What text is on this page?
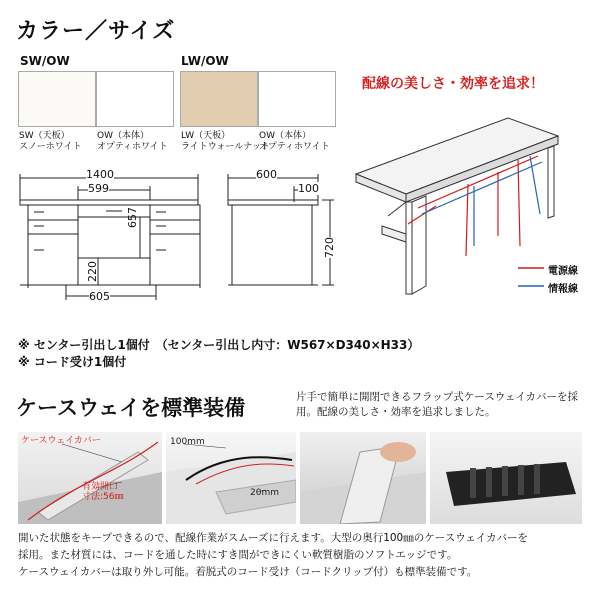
カラー／サイズ
SW/OW
SW（天板）
スノーホワイト
OW（本体）
オプティホワイト
LW/OW
LW（天板）
ライトウォールナット
OW（本体）
オプティホワイト
配線の美しさ・効率を追求！
1400
599
657
220
605
600
100
720
電源線
情報線
※ センター引出し1個付　（センター引出し内寸：W567×D340×H33）
※ コード受け1個付
ケースウェイを標準装備	片手で簡単に開閉できるフラップ式ケースウェイカバーを採用。配線の美しさ・効率を追求しました。
ケースウェイカバー
有効開口
寸法:56㎜
100mm
20mm
開いた状態をキープできるので、配線作業がスムーズに行えます。大型の奥行100㎜のケースウェイカバーを
採用。また材質には、コードを通した時にすき間ができにくい軟質樹脂のソフトエッジです。
ケースウェイカバーは取り外し可能。着脱式のコード受け（コードクリップ付）も標準装備です。
